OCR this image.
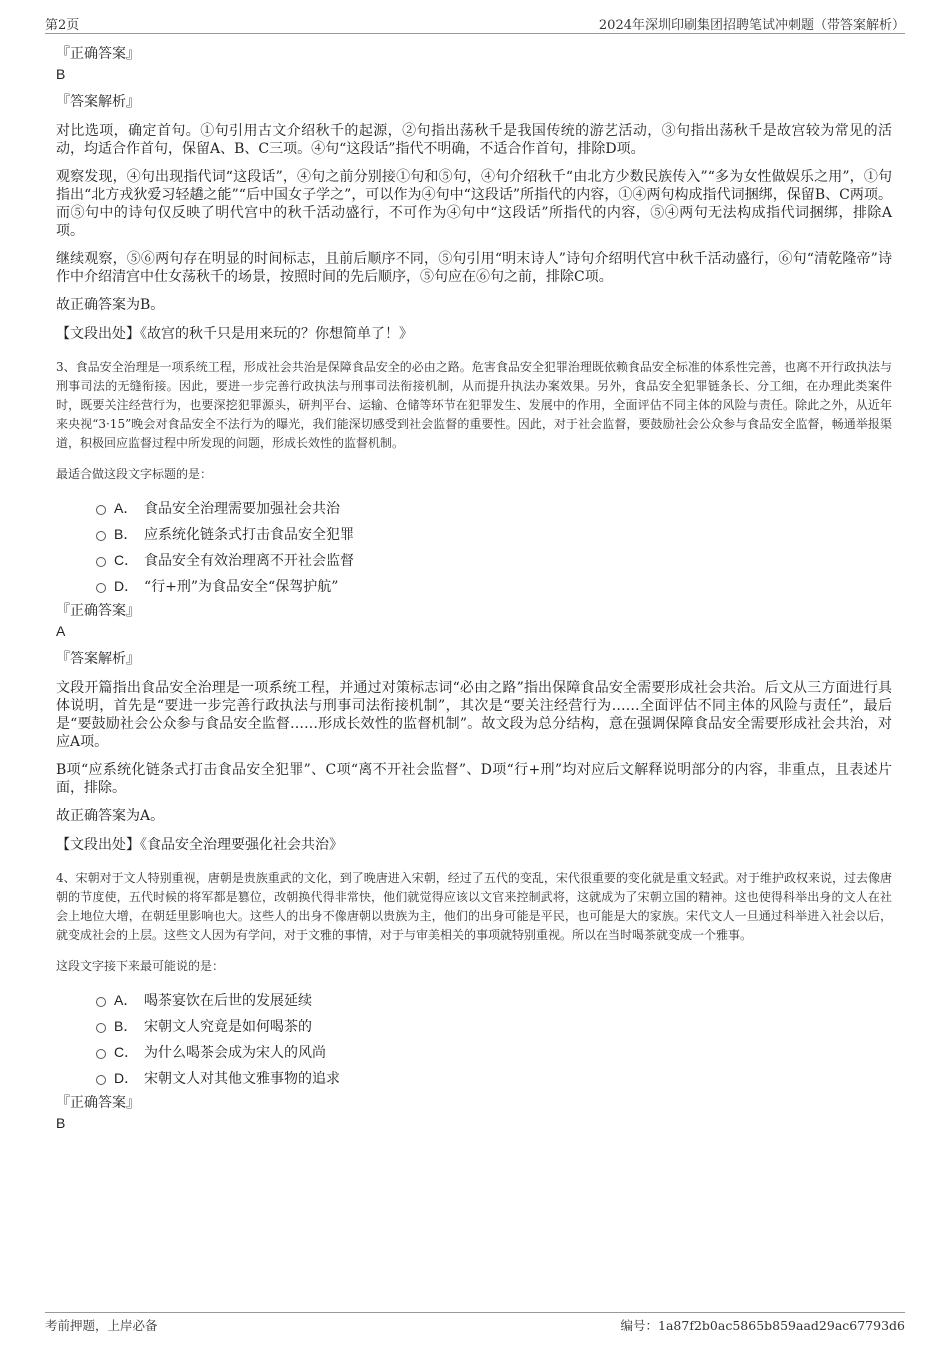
第2页	2024年深圳印刷集团招聘笔试冲刺题（带答案解析）
『正确答案』
B
『答案解析』

对比选项，确定首句。①句引用古文介绍秋千的起源，②句指出荡秋千是我国传统的游艺活动，③句指出荡秋千是故宫较为常见的活动，均适合作首句，保留A、B、C三项。④句“这段话”指代不明确，不适合作首句，排除D项。

观察发现，④句出现指代词“这段话”，④句之前分别接①句和⑤句，④句介绍秋千“由北方少数民族传入”“多为女性做娱乐之用”，①句指出“北方戎狄爱习轻趫之能”“后中国女子学之”，可以作为④句中“这段话”所指代的内容，①④两句构成指代词捆绑，保留B、C两项。而⑤句中的诗句仅反映了明代宫中的秋千活动盛行，不可作为④句中“这段话”所指代的内容，⑤④两句无法构成指代词捆绑，排除A项。

继续观察，⑤⑥两句存在明显的时间标志，且前后顺序不同，⑤句引用“明末诗人”诗句介绍明代宫中秋千活动盛行，⑥句“清乾隆帝”诗作中介绍清宫中仕女荡秋千的场景，按照时间的先后顺序，⑤句应在⑥句之前，排除C项。

故正确答案为B。

【文段出处】《故宫的秋千只是用来玩的？你想简单了！》

3、食品安全治理是一项系统工程，形成社会共治是保障食品安全的必由之路。危害食品安全犯罪治理既依赖食品安全标准的体系性完善，也离不开行政执法与刑事司法的无缝衔接。因此，要进一步完善行政执法与刑事司法衔接机制，从而提升执法办案效果。另外，食品安全犯罪链条长、分工细，在办理此类案件时，既要关注经营行为，也要深挖犯罪源头，研判平台、运输、仓储等环节在犯罪发生、发展中的作用，全面评估不同主体的风险与责任。除此之外，从近年来央视“3·15”晚会对食品安全不法行为的曝光，我们能深切感受到社会监督的重要性。因此，对于社会监督，要鼓励社会公众参与食品安全监督，畅通举报渠道，积极回应监督过程中所发现的问题，形成长效性的监督机制。

最适合做这段文字标题的是：

A． 食品安全治理需要加强社会共治
B． 应系统化链条式打击食品安全犯罪
C． 食品安全有效治理离不开社会监督
D． “行+刑”为食品安全“保驾护航”
『正确答案』
A
『答案解析』

文段开篇指出食品安全治理是一项系统工程，并通过对策标志词“必由之路”指出保障食品安全需要形成社会共治。后文从三方面进行具体说明，首先是“要进一步完善行政执法与刑事司法衔接机制”，其次是“要关注经营行为……全面评估不同主体的风险与责任”，最后是“要鼓励社会公众参与食品安全监督……形成长效性的监督机制”。故文段为总分结构，意在强调保障食品安全需要形成社会共治，对应A项。

B项“应系统化链条式打击食品安全犯罪”、C项“离不开社会监督”、D项“行+刑”均对应后文解释说明部分的内容，非重点，且表述片面，排除。

故正确答案为A。

【文段出处】《食品安全治理要强化社会共治》

4、宋朝对于文人特别重视，唐朝是贵族重武的文化，到了晚唐进入宋朝，经过了五代的变乱，宋代很重要的变化就是重文轻武。对于维护政权来说，过去像唐朝的节度使，五代时候的将军都是篡位，改朝换代得非常快，他们就觉得应该以文官来控制武将，这就成为了宋朝立国的精神。这也使得科举出身的文人在社会上地位大增，在朝廷里影响也大。这些人的出身不像唐朝以贵族为主，他们的出身可能是平民，也可能是大的家族。宋代文人一旦通过科举进入社会以后，就变成社会的上层。这些文人因为有学问，对于文雅的事情，对于与审美相关的事项就特别重视。所以在当时喝茶就变成一个雅事。

这段文字接下来最可能说的是：

A． 喝茶宴饮在后世的发展延续
B． 宋朝文人究竟是如何喝茶的
C． 为什么喝茶会成为宋人的风尚
D． 宋朝文人对其他文雅事物的追求
『正确答案』
B
考前押题，上岸必备	编号：1a87f2b0ac5865b859aad29ac67793d6
